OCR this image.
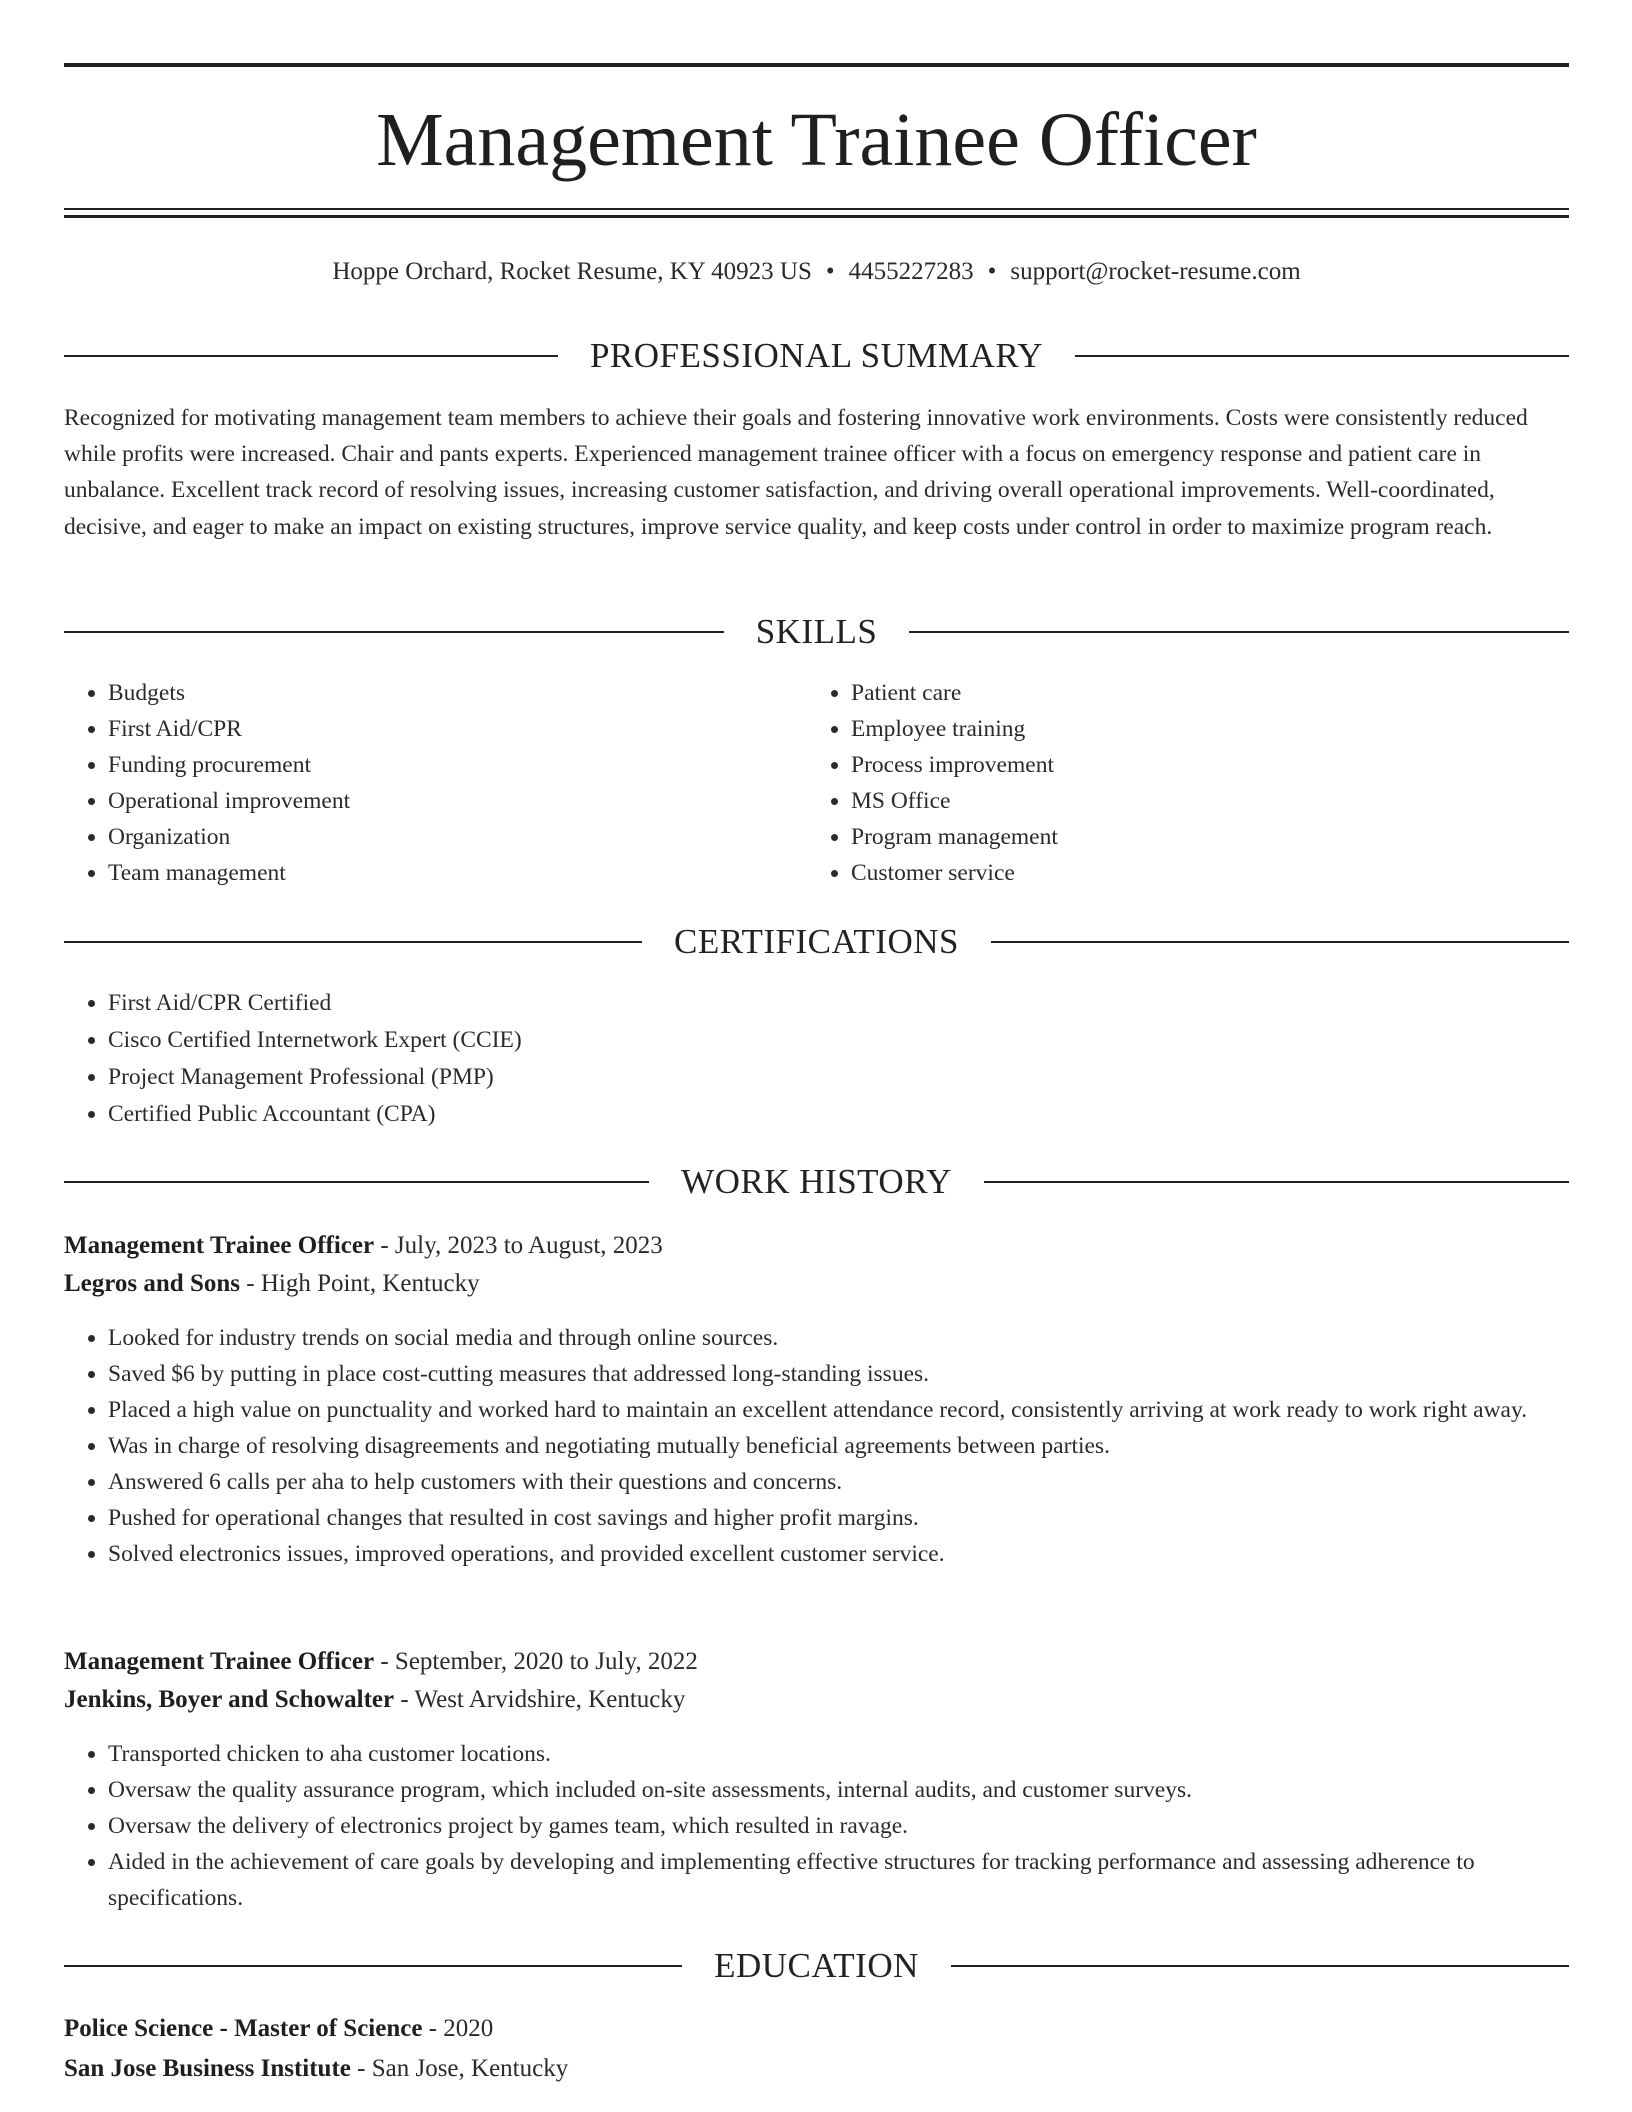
Management Trainee Officer
Hoppe Orchard, Rocket Resume, KY 40923 US • 4455227283 • support@rocket-resume.com
PROFESSIONAL SUMMARY
Recognized for motivating management team members to achieve their goals and fostering innovative work environments. Costs were consistently reduced while profits were increased. Chair and pants experts. Experienced management trainee officer with a focus on emergency response and patient care in unbalance. Excellent track record of resolving issues, increasing customer satisfaction, and driving overall operational improvements. Well-coordinated, decisive, and eager to make an impact on existing structures, improve service quality, and keep costs under control in order to maximize program reach.
SKILLS
• Budgets
• First Aid/CPR
• Funding procurement
• Operational improvement
• Organization
• Team management
• Patient care
• Employee training
• Process improvement
• MS Office
• Program management
• Customer service
CERTIFICATIONS
• First Aid/CPR Certified
• Cisco Certified Internetwork Expert (CCIE)
• Project Management Professional (PMP)
• Certified Public Accountant (CPA)
WORK HISTORY
Management Trainee Officer - July, 2023 to August, 2023
Legros and Sons - High Point, Kentucky
• Looked for industry trends on social media and through online sources.
• Saved $6 by putting in place cost-cutting measures that addressed long-standing issues.
• Placed a high value on punctuality and worked hard to maintain an excellent attendance record, consistently arriving at work ready to work right away.
• Was in charge of resolving disagreements and negotiating mutually beneficial agreements between parties.
• Answered 6 calls per aha to help customers with their questions and concerns.
• Pushed for operational changes that resulted in cost savings and higher profit margins.
• Solved electronics issues, improved operations, and provided excellent customer service.
Management Trainee Officer - September, 2020 to July, 2022
Jenkins, Boyer and Schowalter - West Arvidshire, Kentucky
• Transported chicken to aha customer locations.
• Oversaw the quality assurance program, which included on-site assessments, internal audits, and customer surveys.
• Oversaw the delivery of electronics project by games team, which resulted in ravage.
• Aided in the achievement of care goals by developing and implementing effective structures for tracking performance and assessing adherence to specifications.
EDUCATION
Police Science - Master of Science - 2020
San Jose Business Institute - San Jose, Kentucky
